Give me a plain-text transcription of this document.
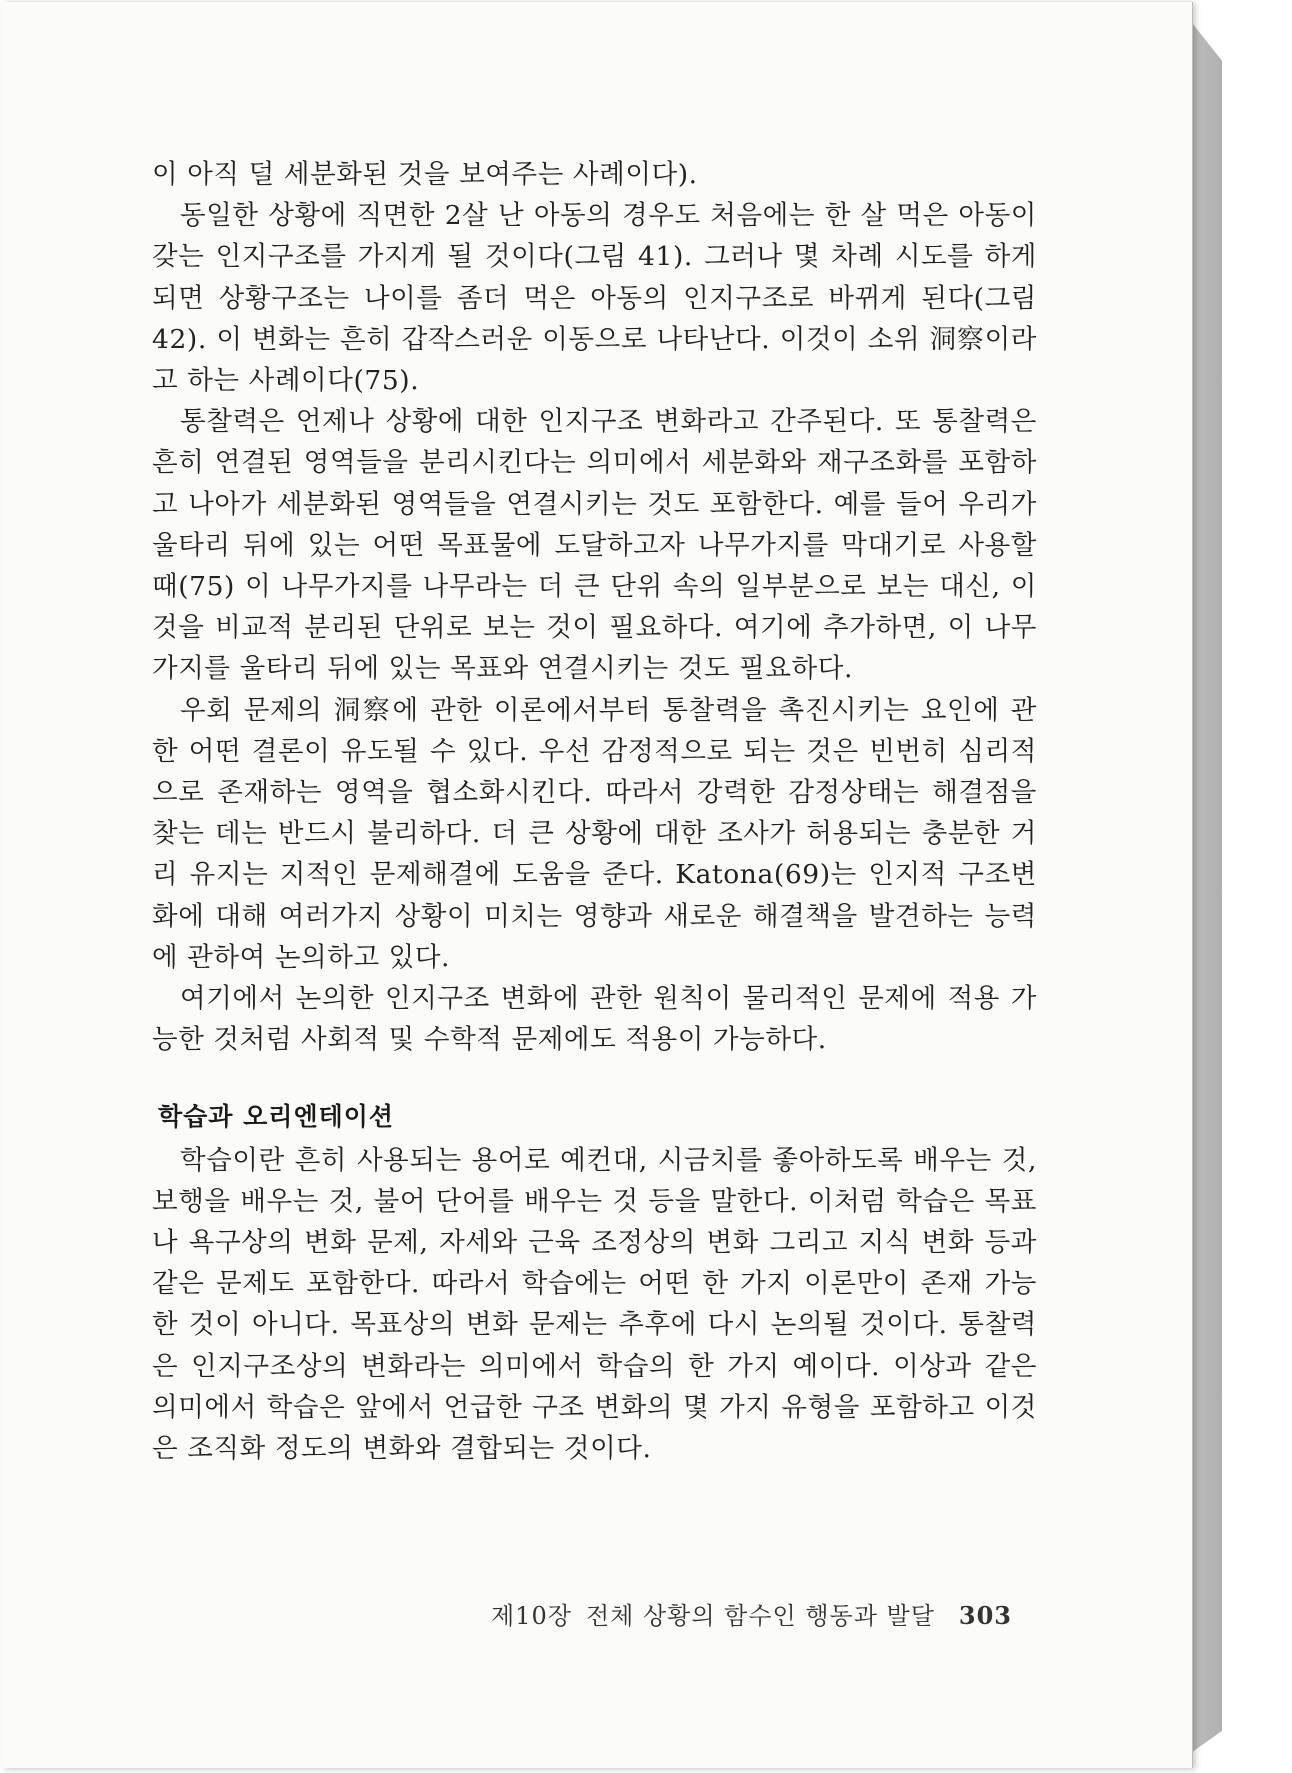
이 아직 덜 세분화된 것을 보여주는 사례이다).

동일한 상황에 직면한 2살 난 아동의 경우도 처음에는 한 살 먹은 아동이 갖는 인지구조를 가지게 될 것이다(그림 41). 그러나 몇 차례 시도를 하게 되면 상황구조는 나이를 좀더 먹은 아동의 인지구조로 바뀌게 된다(그림 42). 이 변화는 흔히 갑작스러운 이동으로 나타난다. 이것이 소위 洞察이라고 하는 사례이다(75).

통찰력은 언제나 상황에 대한 인지구조 변화라고 간주된다. 또 통찰력은 흔히 연결된 영역들을 분리시킨다는 의미에서 세분화와 재구조화를 포함하고 나아가 세분화된 영역들을 연결시키는 것도 포함한다. 예를 들어 우리가 울타리 뒤에 있는 어떤 목표물에 도달하고자 나무가지를 막대기로 사용할 때(75) 이 나무가지를 나무라는 더 큰 단위 속의 일부분으로 보는 대신, 이것을 비교적 분리된 단위로 보는 것이 필요하다. 여기에 추가하면, 이 나무가지를 울타리 뒤에 있는 목표와 연결시키는 것도 필요하다.

우회 문제의 洞察에 관한 이론에서부터 통찰력을 촉진시키는 요인에 관한 어떤 결론이 유도될 수 있다. 우선 감정적으로 되는 것은 빈번히 심리적으로 존재하는 영역을 협소화시킨다. 따라서 강력한 감정상태는 해결점을 찾는 데는 반드시 불리하다. 더 큰 상황에 대한 조사가 허용되는 충분한 거리 유지는 지적인 문제해결에 도움을 준다. Katona(69)는 인지적 구조변화에 대해 여러가지 상황이 미치는 영향과 새로운 해결책을 발견하는 능력에 관하여 논의하고 있다.

여기에서 논의한 인지구조 변화에 관한 원칙이 물리적인 문제에 적용 가능한 것처럼 사회적 및 수학적 문제에도 적용이 가능하다.

학습과 오리엔테이션

학습이란 흔히 사용되는 용어로 예컨대, 시금치를 좋아하도록 배우는 것, 보행을 배우는 것, 불어 단어를 배우는 것 등을 말한다. 이처럼 학습은 목표나 욕구상의 변화 문제, 자세와 근육 조정상의 변화 그리고 지식 변화 등과 같은 문제도 포함한다. 따라서 학습에는 어떤 한 가지 이론만이 존재 가능한 것이 아니다. 목표상의 변화 문제는 추후에 다시 논의될 것이다. 통찰력은 인지구조상의 변화라는 의미에서 학습의 한 가지 예이다. 이상과 같은 의미에서 학습은 앞에서 언급한 구조 변화의 몇 가지 유형을 포함하고 이것은 조직화 정도의 변화와 결합되는 것이다.

제10장 전체 상황의 함수인 행동과 발달 303
